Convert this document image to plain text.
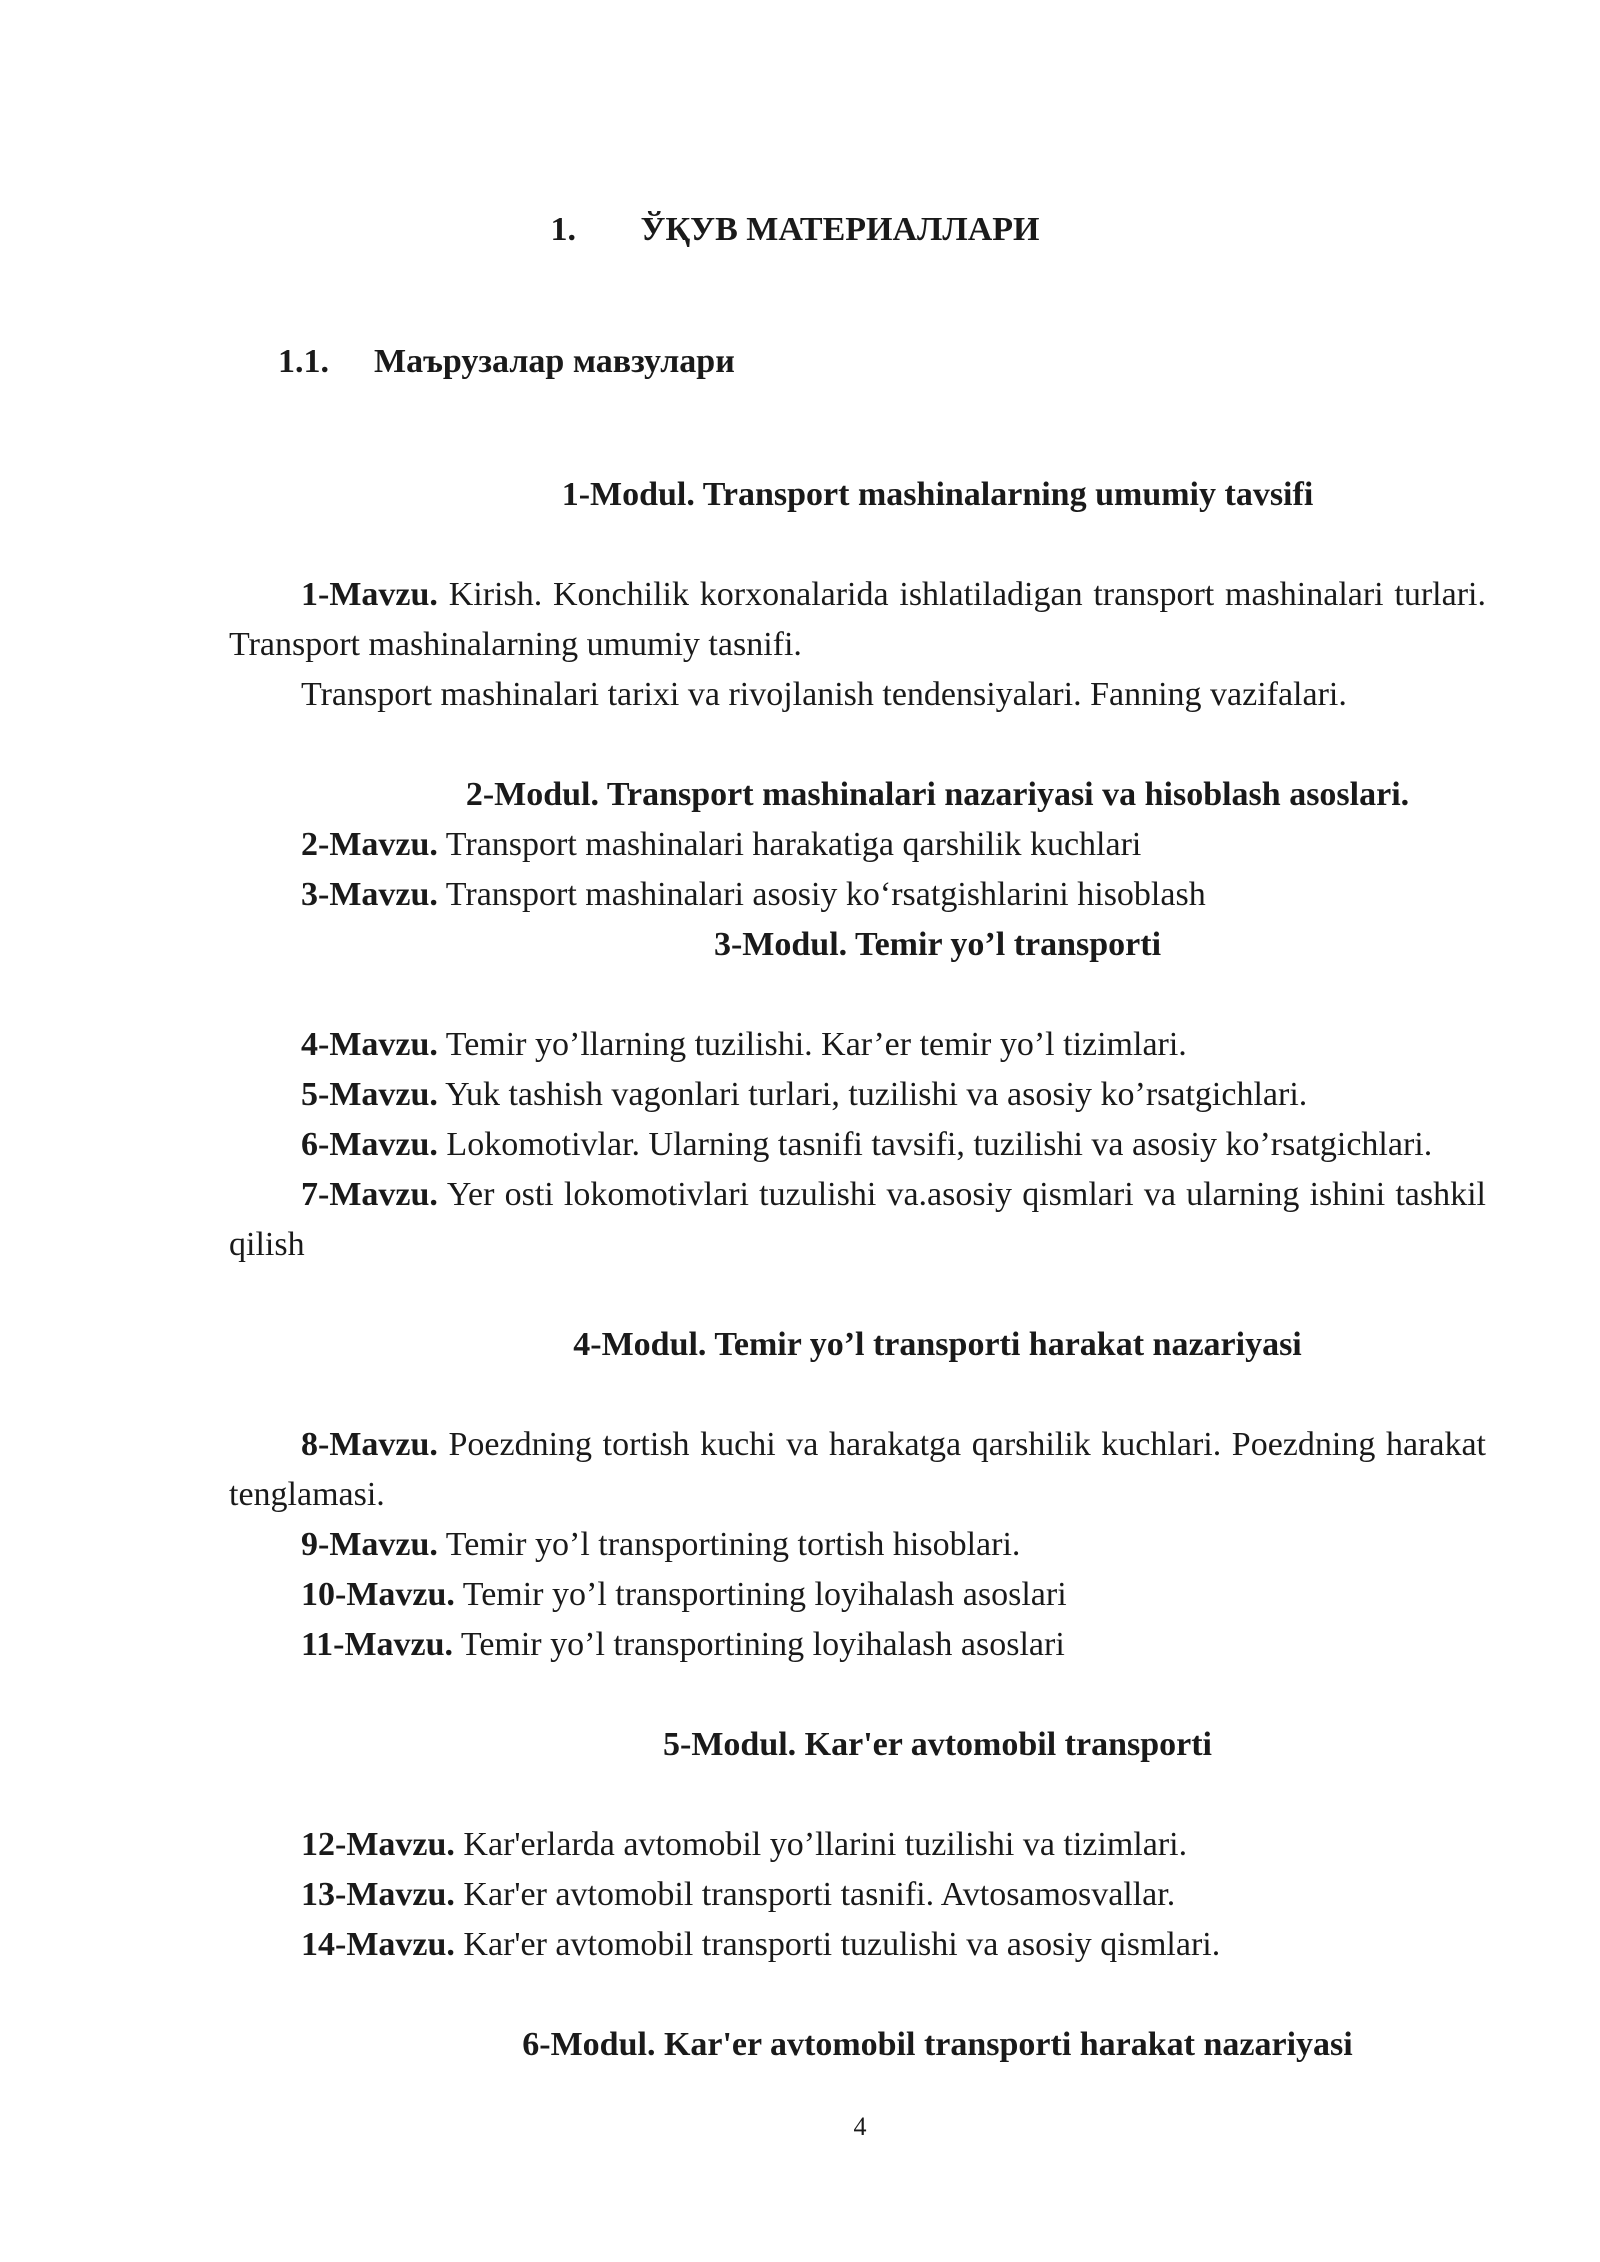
1. ЎҚУВ МАТЕРИАЛЛАРИ
1.1. Маърузалар мавзулари
1-Modul. Transport mashinalarning umumiy tavsifi
1-Mavzu. Kirish. Konchilik korxonalarida ishlatiladigan transport mashinalari turlari. Transport mashinalarning umumiy tasnifi.
Transport mashinalari tarixi va rivojlanish tendensiyalari. Fanning vazifalari.
2-Modul. Transport mashinalari nazariyasi va hisoblash asoslari.
2-Mavzu. Transport mashinalari harakatiga qarshilik kuchlari
3-Mavzu. Transport mashinalari asosiy koʻrsatgishlarini hisoblash
3-Modul. Temir yo’l transporti
4-Mavzu. Temir yo’llarning tuzilishi. Kar’er temir yo’l tizimlari.
5-Mavzu. Yuk tashish vagonlari turlari, tuzilishi va asosiy ko’rsatgichlari.
6-Mavzu. Lokomotivlar. Ularning tasnifi tavsifi, tuzilishi va asosiy ko’rsatgichlari.
7-Mavzu. Yer osti lokomotivlari tuzulishi va.asosiy qismlari va ularning ishini tashkil qilish
4-Modul. Temir yo’l transporti harakat nazariyasi
8-Mavzu. Poezdning tortish kuchi va harakatga qarshilik kuchlari. Poezdning harakat tenglamasi.
9-Mavzu. Temir yo’l transportining tortish hisoblari.
10-Mavzu. Temir yo’l transportining loyihalash asoslari
11-Mavzu. Temir yo’l transportining loyihalash asoslari
5-Modul. Kar'er avtomobil transporti
12-Mavzu. Kar'erlarda avtomobil yo’llarini tuzilishi va tizimlari.
13-Mavzu. Kar'er avtomobil transporti tasnifi. Avtosamosvallar.
14-Mavzu. Kar'er avtomobil transporti tuzulishi va asosiy qismlari.
6-Modul. Kar'er avtomobil transporti harakat nazariyasi
4
